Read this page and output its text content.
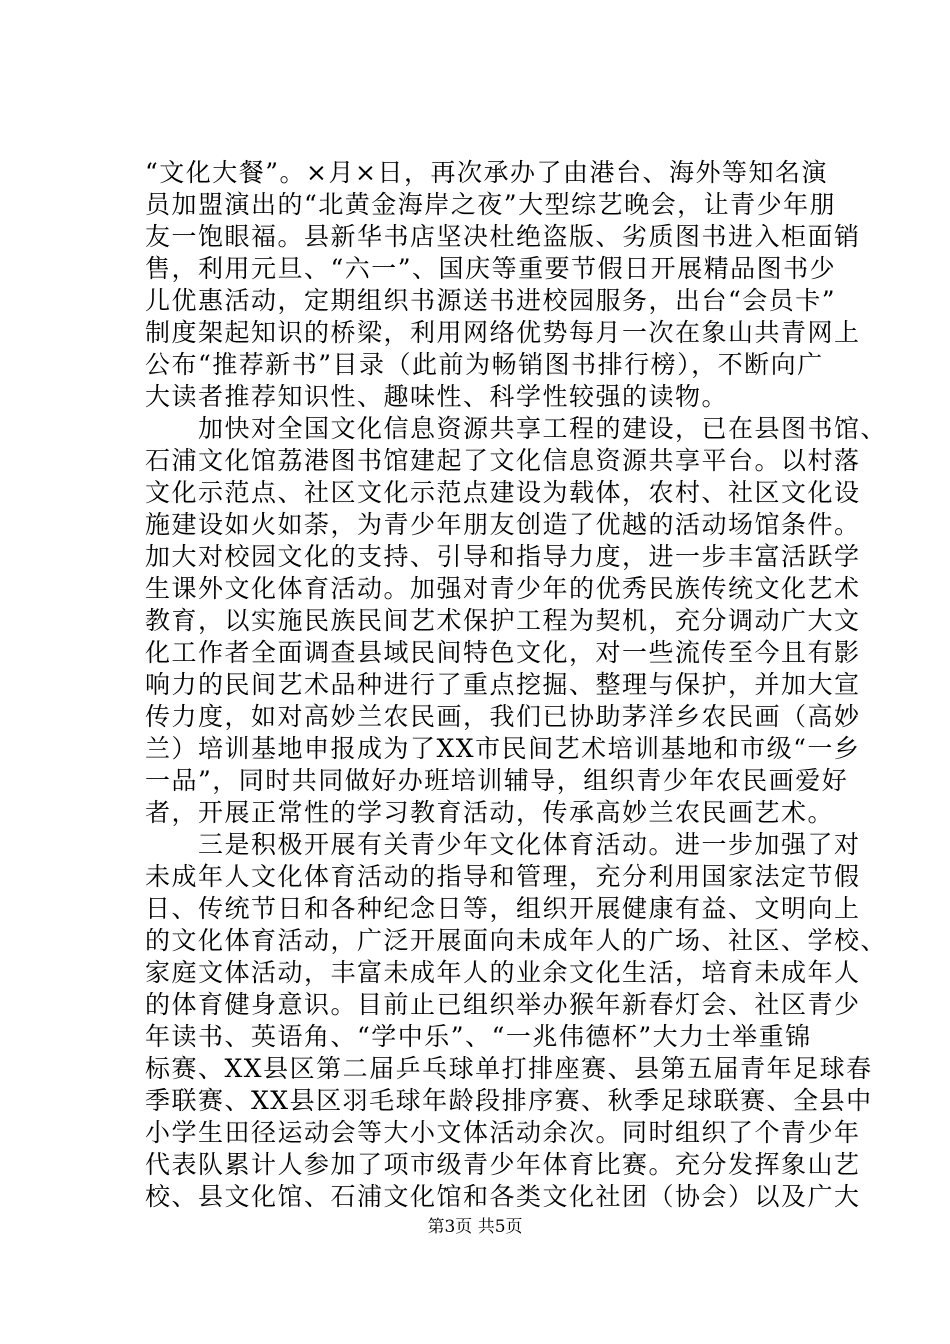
“文化大餐”。×月×日，再次承办了由港台、海外等知名演
员加盟演出的“北黄金海岸之夜”大型综艺晚会，让青少年朋
友一饱眼福。县新华书店坚决杜绝盗版、劣质图书进入柜面销
售，利用元旦、“六一”、国庆等重要节假日开展精品图书少
儿优惠活动，定期组织书源送书进校园服务，出台“会员卡”
制度架起知识的桥梁，利用网络优势每月一次在象山共青网上
公布“推荐新书”目录（此前为畅销图书排行榜），不断向广
大读者推荐知识性、趣味性、科学性较强的读物。
　　加快对全国文化信息资源共享工程的建设，已在县图书馆、
石浦文化馆荔港图书馆建起了文化信息资源共享平台。以村落
文化示范点、社区文化示范点建设为载体，农村、社区文化设
施建设如火如荼，为青少年朋友创造了优越的活动场馆条件。
加大对校园文化的支持、引导和指导力度，进一步丰富活跃学
生课外文化体育活动。加强对青少年的优秀民族传统文化艺术
教育，以实施民族民间艺术保护工程为契机，充分调动广大文
化工作者全面调查县域民间特色文化，对一些流传至今且有影
响力的民间艺术品种进行了重点挖掘、整理与保护，并加大宣
传力度，如对高妙兰农民画，我们已协助茅洋乡农民画（高妙
兰）培训基地申报成为了XX市民间艺术培训基地和市级“一乡
一品”，同时共同做好办班培训辅导，组织青少年农民画爱好
者，开展正常性的学习教育活动，传承高妙兰农民画艺术。
　　三是积极开展有关青少年文化体育活动。进一步加强了对
未成年人文化体育活动的指导和管理，充分利用国家法定节假
日、传统节日和各种纪念日等，组织开展健康有益、文明向上
的文化体育活动，广泛开展面向未成年人的广场、社区、学校、
家庭文体活动，丰富未成年人的业余文化生活，培育未成年人
的体育健身意识。目前止已组织举办猴年新春灯会、社区青少
年读书、英语角、“学中乐”、“一兆伟德杯”大力士举重锦
标赛、XX县区第二届乒乓球单打排座赛、县第五届青年足球春
季联赛、XX县区羽毛球年龄段排序赛、秋季足球联赛、全县中
小学生田径运动会等大小文体活动余次。同时组织了个青少年
代表队累计人参加了项市级青少年体育比赛。充分发挥象山艺
校、县文化馆、石浦文化馆和各类文化社团（协会）以及广大
第3页 共5页
